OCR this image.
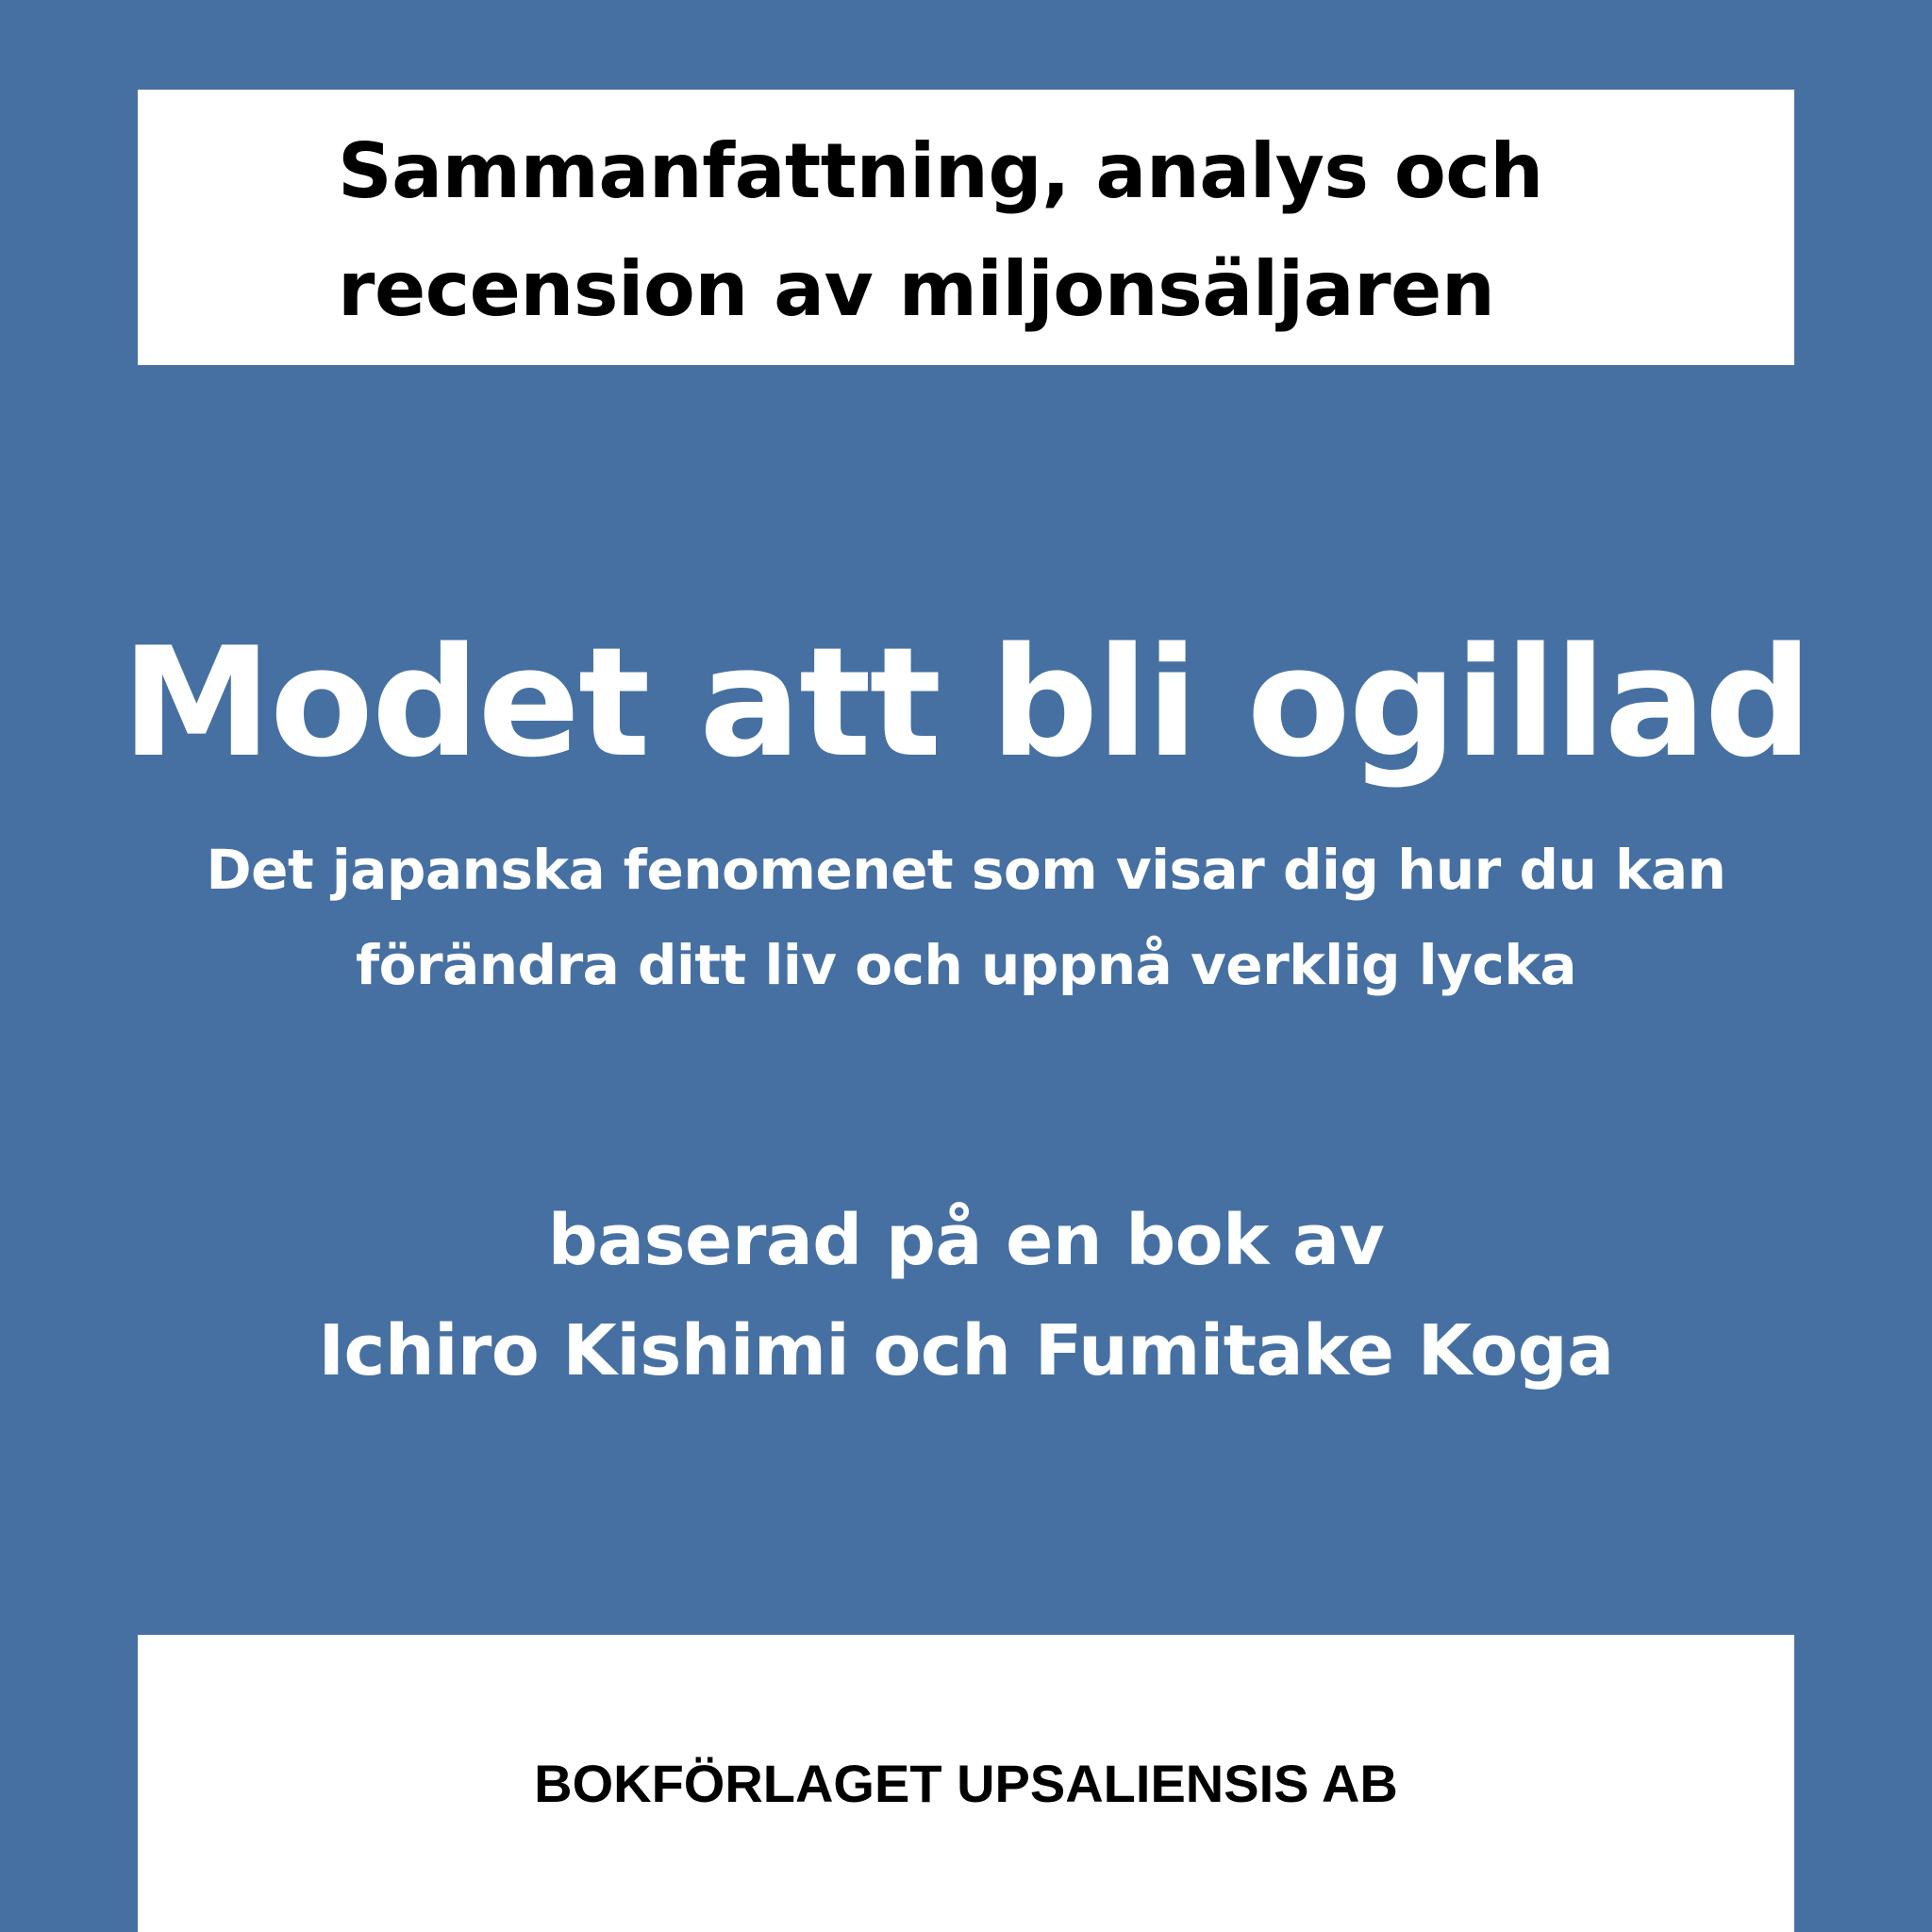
Sammanfattning, analys och
recension av miljonsäljaren
Modet att bli ogillad
Det japanska fenomenet som visar dig hur du kan
förändra ditt liv och uppnå verklig lycka
baserad på en bok av
Ichiro Kishimi och Fumitake Koga
BOKFÖRLAGET UPSALIENSIS AB
